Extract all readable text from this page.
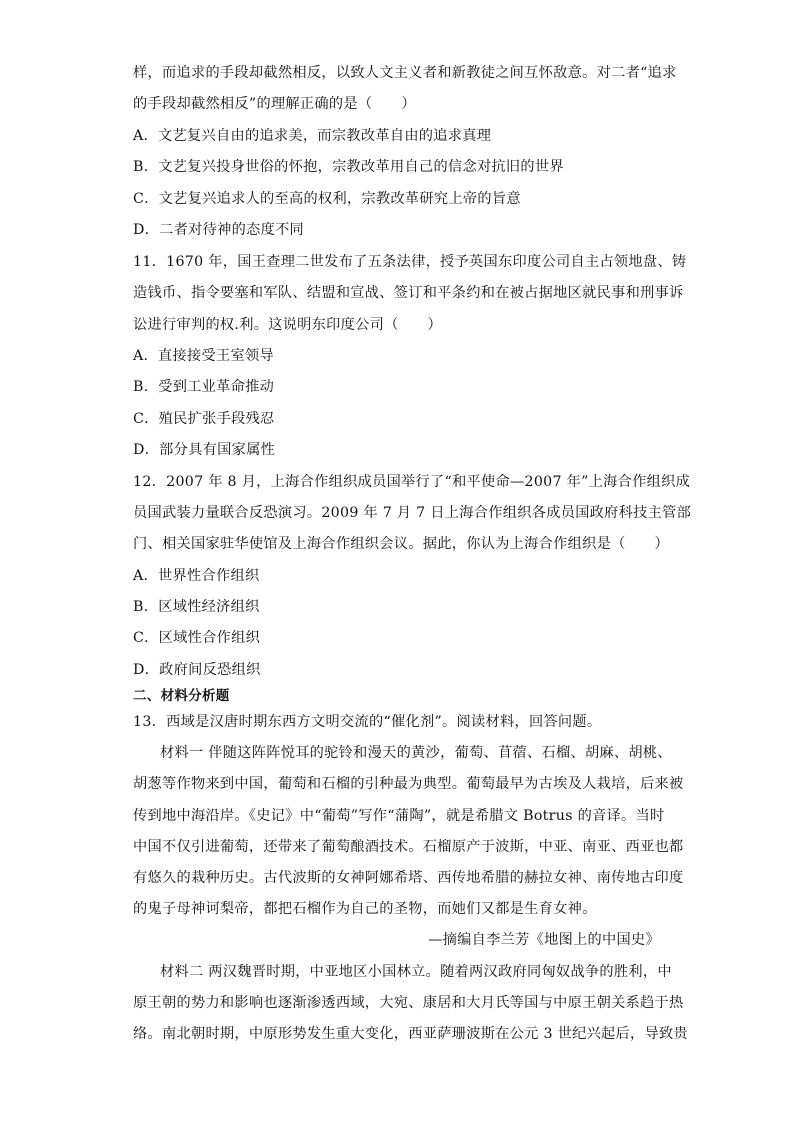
样，而追求的手段却截然相反，以致人文主义者和新教徒之间互怀敌意。对二者“追求
的手段却截然相反”的理解正确的是（　　）
A．文艺复兴自由的追求美，而宗教改革自由的追求真理
B．文艺复兴投身世俗的怀抱，宗教改革用自己的信念对抗旧的世界
C．文艺复兴追求人的至高的权利，宗教改革研究上帝的旨意
D．二者对待神的态度不同
11．1670 年，国王查理二世发布了五条法律，授予英国东印度公司自主占领地盘、铸
造钱币、指令要塞和军队、结盟和宣战、签订和平条约和在被占据地区就民事和刑事诉
讼进行审判的权.利。这说明东印度公司（　　）
A．直接接受王室领导
B．受到工业革命推动
C．殖民扩张手段残忍
D．部分具有国家属性
12．2007 年 8 月，上海合作组织成员国举行了“和平使命—2007 年”上海合作组织成
员国武装力量联合反恐演习。2009 年 7 月 7 日上海合作组织各成员国政府科技主管部
门、相关国家驻华使馆及上海合作组织会议。据此，你认为上海合作组织是（　　）
A．世界性合作组织
B．区域性经济组织
C．区域性合作组织
D．政府间反恐组织
二、材料分析题
13．西域是汉唐时期东西方文明交流的“催化剂”。阅读材料，回答问题。
材料一 伴随这阵阵悦耳的驼铃和漫天的黄沙，葡萄、苜蓿、石榴、胡麻、胡桃、
胡葱等作物来到中国，葡萄和石榴的引种最为典型。葡萄最早为古埃及人栽培，后来被
传到地中海沿岸。《史记》中“葡萄”写作“蒲陶”，就是希腊文 Botrus 的音译。当时
中国不仅引进葡萄，还带来了葡萄酿酒技术。石榴原产于波斯，中亚、南亚、西亚也都
有悠久的栽种历史。古代波斯的女神阿娜希塔、西传地希腊的赫拉女神、南传地古印度
的鬼子母神诃梨帝，都把石榴作为自己的圣物，而她们又都是生育女神。
—摘编自李兰芳《地图上的中国史》
材料二 两汉魏晋时期，中亚地区小国林立。随着两汉政府同匈奴战争的胜利，中
原王朝的势力和影响也逐渐渗透西域，大宛、康居和大月氏等国与中原王朝关系趋于热
络。南北朝时期，中原形势发生重大变化，西亚萨珊波斯在公元 3 世纪兴起后，导致贵
